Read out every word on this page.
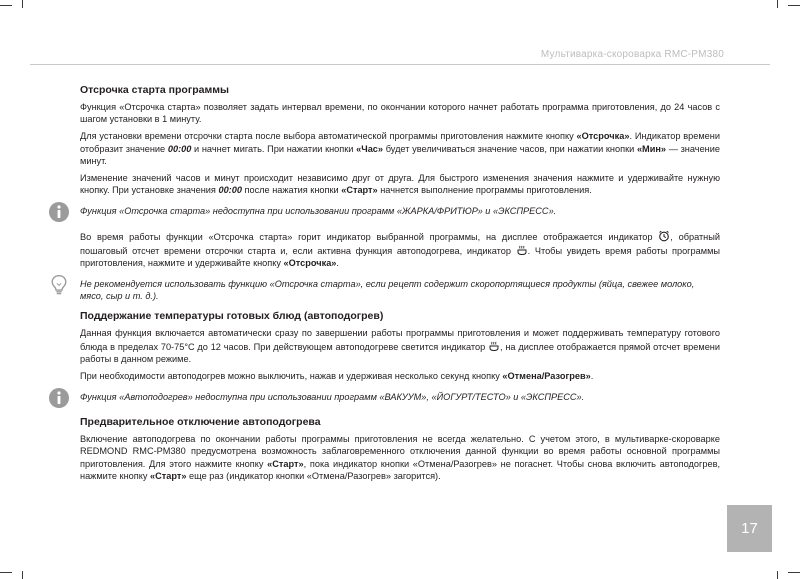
Мультиварка-скороварка RMC-PM380
Отсрочка старта программы

Функция «Отсрочка старта» позволяет задать интервал времени, по окончании которого начнет работать программа приготовления, до 24 часов с шагом установки в 1 минуту.

Для установки времени отсрочки старта после выбора автоматической программы приготовления нажмите кнопку «Отсрочка». Индикатор времени отобразит значение 00:00 и начнет мигать. При нажатии кнопки «Час» будет увеличиваться значение часов, при нажатии кнопки «Мин» — значение минут.

Изменение значений часов и минут происходит независимо друг от друга. Для быстрого изменения значения нажмите и удерживайте нужную кнопку. При установке значения 00:00 после нажатия кнопки «Старт» начнется выполнение программы приготовления.

Функция «Отсрочка старта» недоступна при использовании программ «ЖАРКА/ФРИТЮР» и «ЭКСПРЕСС».

Во время работы функции «Отсрочка старта» горит индикатор выбранной программы, на дисплее отображается индикатор , обратный пошаговый отсчет времени отсрочки старта и, если активна функция автоподогрева, индикатор . Чтобы увидеть время работы программы приготовления, нажмите и удерживайте кнопку «Отсрочка».

Не рекомендуется использовать функцию «Отсрочка старта», если рецепт содержит скоропортящиеся продукты (яйца, свежее молоко, мясо, сыр и т. д.).
Поддержание температуры готовых блюд (автоподогрев)

Данная функция включается автоматически сразу по завершении работы программы приготовления и может поддерживать температуру готового блюда в пределах 70-75°C до 12 часов. При действующем автоподогреве светится индикатор , на дисплее отображается прямой отсчет времени работы в данном режиме.

При необходимости автоподогрев можно выключить, нажав и удерживая несколько секунд кнопку «Отмена/Разогрев».

Функция «Автоподогрев» недоступна при использовании программ «ВАКУУМ», «ЙОГУРТ/ТЕСТО» и «ЭКСПРЕСС».
Предварительное отключение автоподогрева

Включение автоподогрева по окончании работы программы приготовления не всегда желательно. С учетом этого, в мультиварке-скороварке REDMOND RMC-PM380 предусмотрена возможность заблаговременного отключения данной функции во время работы основной программы приготовления. Для этого нажмите кнопку «Старт», пока индикатор кнопки «Отмена/Разогрев» не погаснет. Чтобы снова включить автоподогрев, нажмите кнопку «Старт» еще раз (индикатор кнопки «Отмена/Разогрев» загорится).

17
